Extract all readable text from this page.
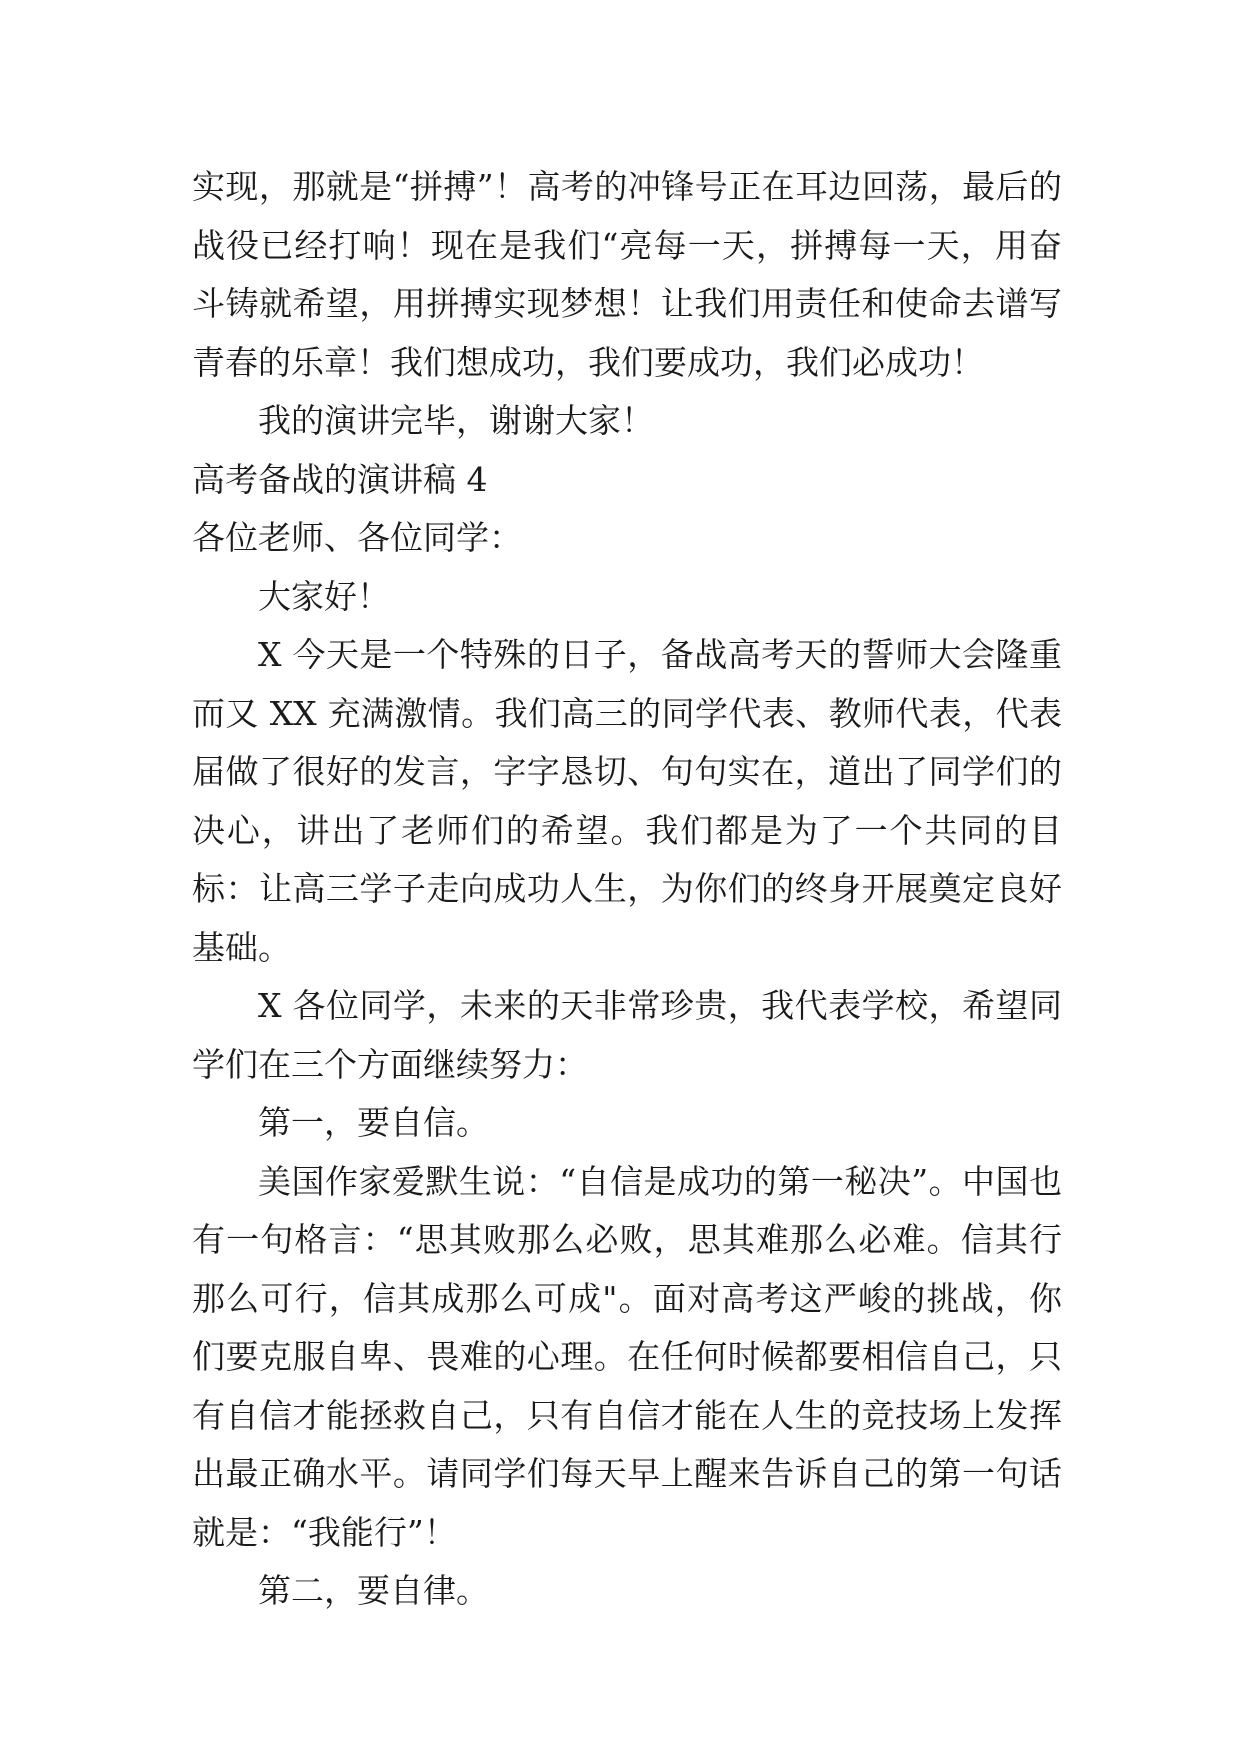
实现，那就是“拼搏”！高考的冲锋号正在耳边回荡，最后的战役已经打响！现在是我们“亮每一天，拼搏每一天，用奋斗铸就希望，用拼搏实现梦想！让我们用责任和使命去谱写青春的乐章！我们想成功，我们要成功，我们必成功！

我的演讲完毕，谢谢大家！

高考备战的演讲稿 4

各位老师、各位同学：

大家好！

X 今天是一个特殊的日子，备战高考天的誓师大会隆重而又 XX 充满激情。我们高三的同学代表、教师代表，代表届做了很好的发言，字字恳切、句句实在，道出了同学们的决心，讲出了老师们的希望。我们都是为了一个共同的目标：让高三学子走向成功人生，为你们的终身开展奠定良好基础。

X 各位同学，未来的天非常珍贵，我代表学校，希望同学们在三个方面继续努力：

第一，要自信。

美国作家爱默生说：“自信是成功的第一秘决”。中国也有一句格言：“思其败那么必败，思其难那么必难。信其行那么可行，信其成那么可成"。面对高考这严峻的挑战，你们要克服自卑、畏难的心理。在任何时候都要相信自己，只有自信才能拯救自己，只有自信才能在人生的竞技场上发挥出最正确水平。请同学们每天早上醒来告诉自己的第一句话就是：“我能行”！

第二，要自律。
